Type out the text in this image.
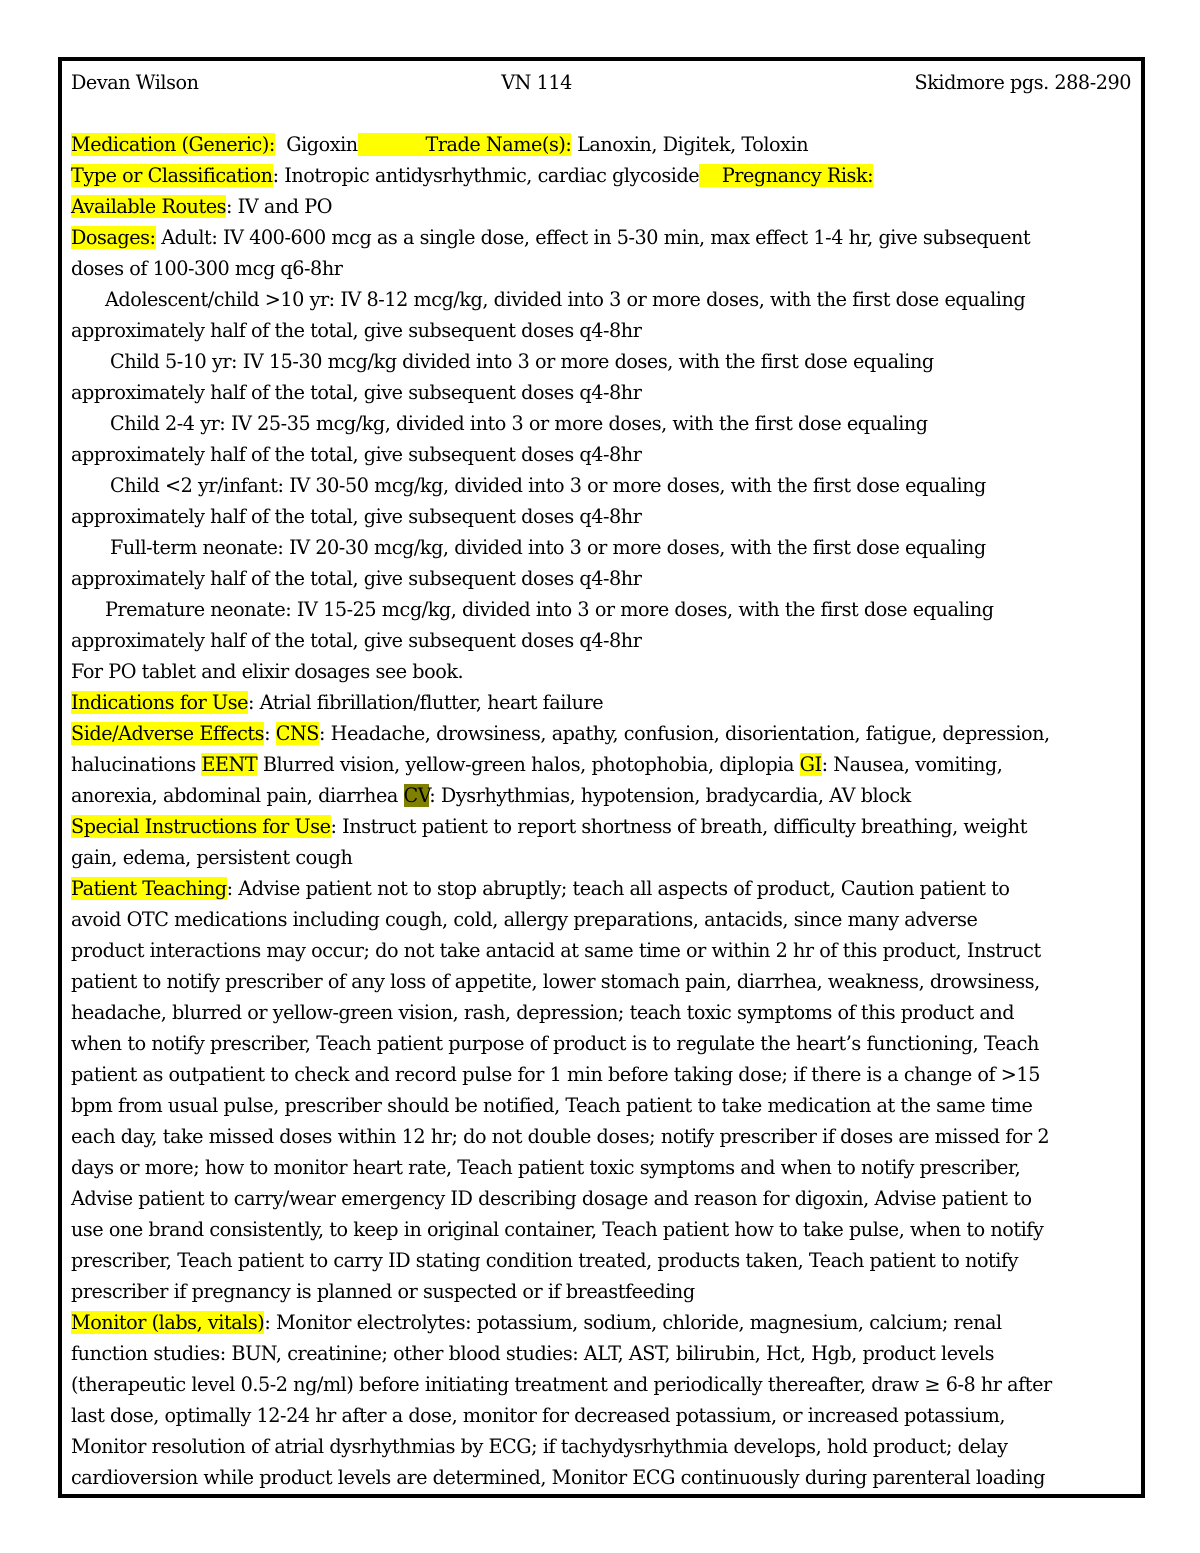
Devan Wilson	VN 114	Skidmore pgs. 288-290
Medication (Generic): Gigoxin	Trade Name(s): Lanoxin, Digitek, Toloxin
Type or Classification: Inotropic antidysrhythmic, cardiac glycoside Pregnancy Risk:
Available Routes: IV and PO
Dosages: Adult: IV 400-600 mcg as a single dose, effect in 5-30 min, max effect 1-4 hr, give subsequent
doses of 100-300 mcg q6-8hr
Adolescent/child >10 yr: IV 8-12 mcg/kg, divided into 3 or more doses, with the first dose equaling
approximately half of the total, give subsequent doses q4-8hr
Child 5-10 yr: IV 15-30 mcg/kg divided into 3 or more doses, with the first dose equaling
approximately half of the total, give subsequent doses q4-8hr
Child 2-4 yr: IV 25-35 mcg/kg, divided into 3 or more doses, with the first dose equaling
approximately half of the total, give subsequent doses q4-8hr
Child <2 yr/infant: IV 30-50 mcg/kg, divided into 3 or more doses, with the first dose equaling
approximately half of the total, give subsequent doses q4-8hr
Full-term neonate: IV 20-30 mcg/kg, divided into 3 or more doses, with the first dose equaling
approximately half of the total, give subsequent doses q4-8hr
Premature neonate: IV 15-25 mcg/kg, divided into 3 or more doses, with the first dose equaling
approximately half of the total, give subsequent doses q4-8hr
For PO tablet and elixir dosages see book.
Indications for Use: Atrial fibrillation/flutter, heart failure
Side/Adverse Effects: CNS: Headache, drowsiness, apathy, confusion, disorientation, fatigue, depression,
halucinations EENT Blurred vision, yellow-green halos, photophobia, diplopia GI: Nausea, vomiting,
anorexia, abdominal pain, diarrhea CV: Dysrhythmias, hypotension, bradycardia, AV block
Special Instructions for Use: Instruct patient to report shortness of breath, difficulty breathing, weight
gain, edema, persistent cough
Patient Teaching: Advise patient not to stop abruptly; teach all aspects of product, Caution patient to
avoid OTC medications including cough, cold, allergy preparations, antacids, since many adverse
product interactions may occur; do not take antacid at same time or within 2 hr of this product, Instruct
patient to notify prescriber of any loss of appetite, lower stomach pain, diarrhea, weakness, drowsiness,
headache, blurred or yellow-green vision, rash, depression; teach toxic symptoms of this product and
when to notify prescriber, Teach patient purpose of product is to regulate the heart’s functioning, Teach
patient as outpatient to check and record pulse for 1 min before taking dose; if there is a change of >15
bpm from usual pulse, prescriber should be notified, Teach patient to take medication at the same time
each day, take missed doses within 12 hr; do not double doses; notify prescriber if doses are missed for 2
days or more; how to monitor heart rate, Teach patient toxic symptoms and when to notify prescriber,
Advise patient to carry/wear emergency ID describing dosage and reason for digoxin, Advise patient to
use one brand consistently, to keep in original container, Teach patient how to take pulse, when to notify
prescriber, Teach patient to carry ID stating condition treated, products taken, Teach patient to notify
prescriber if pregnancy is planned or suspected or if breastfeeding
Monitor (labs, vitals): Monitor electrolytes: potassium, sodium, chloride, magnesium, calcium; renal
function studies: BUN, creatinine; other blood studies: ALT, AST, bilirubin, Hct, Hgb, product levels
(therapeutic level 0.5-2 ng/ml) before initiating treatment and periodically thereafter, draw ≥ 6-8 hr after
last dose, optimally 12-24 hr after a dose, monitor for decreased potassium, or increased potassium,
Monitor resolution of atrial dysrhythmias by ECG; if tachydysrhythmia develops, hold product; delay
cardioversion while product levels are determined, Monitor ECG continuously during parenteral loading
